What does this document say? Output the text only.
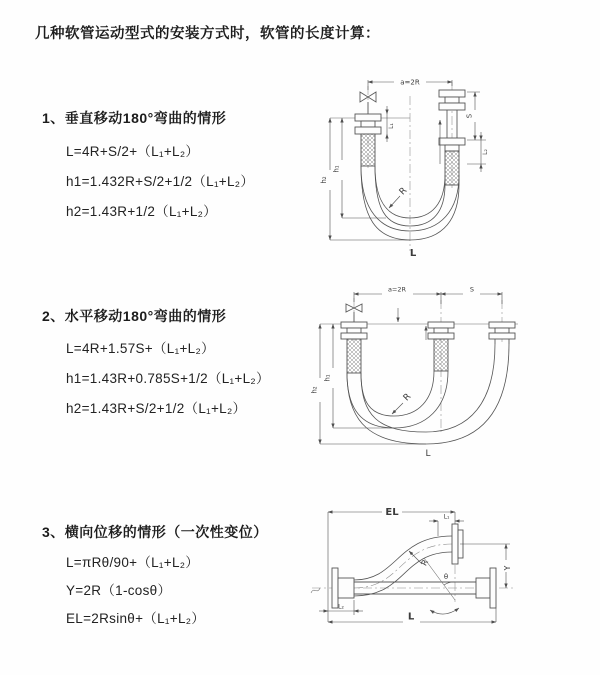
几种软管运动型式的安装方式时，软管的长度计算：
1、垂直移动180°弯曲的情形
L=4R+S/2+（L₁+L₂）
h1=1.432R+S/2+1/2（L₁+L₂）
h2=1.43R+1/2（L₁+L₂）
2、水平移动180°弯曲的情形
L=4R+1.57S+（L₁+L₂）
h1=1.43R+0.785S+1/2（L₁+L₂）
h2=1.43R+S/2+1/2（L₁+L₂）
3、横向位移的情形（一次性变位）
L=πRθ/90+（L₁+L₂）
Y=2R（1-cosθ）
EL=2Rsinθ+（L₁+L₂）
a=2R
h₂
h₁
L₁
S
L₂
R
L
a=2R	S
h₂
h₁
R
L
EL	L₁
Y
θ
R
L
L₂
